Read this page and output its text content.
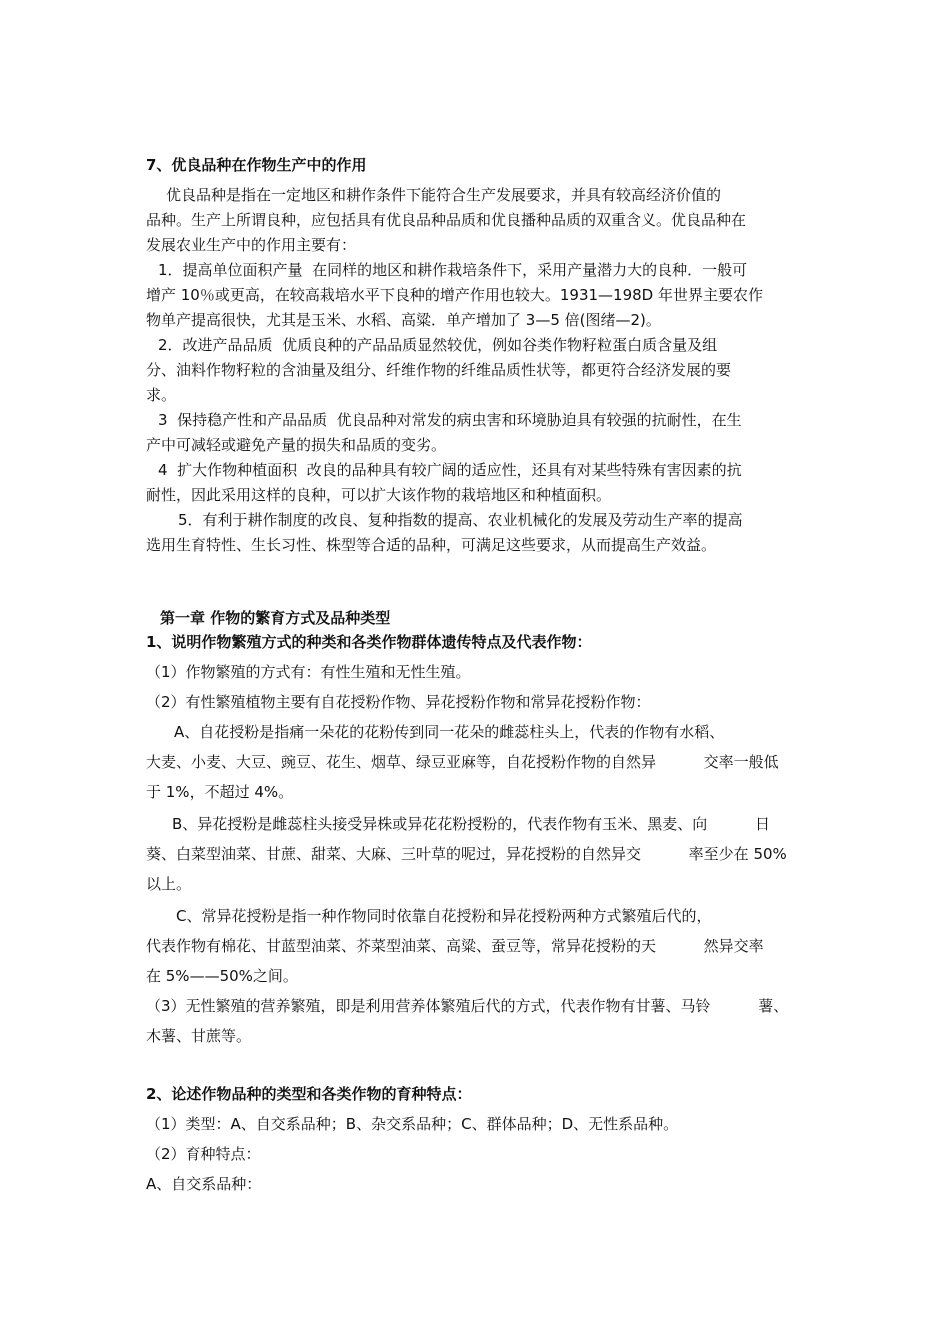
7、优良品种在作物生产中的作用
优良品种是指在一定地区和耕作条件下能符合生产发展要求，并具有较高经济价值的
品种。生产上所谓良种，应包括具有优良品种品质和优良播种品质的双重含义。优良品种在
发展农业生产中的作用主要有：
1．提高单位面积产量  在同样的地区和耕作栽培条件下，采用产量潜力大的良种．一般可
增产 10％或更高，在较高栽培水平下良种的增产作用也较大。1931—198D 年世界主要农作
物单产提高很快，尤其是玉米、水稻、高粱．单产增加了 3—5 倍(图绪—2)。
2．改进产品品质  优质良种的产品品质显然较优，例如谷类作物籽粒蛋白质含量及组
分、油料作物籽粒的含油量及组分、纤维作物的纤维品质性状等，都更符合经济发展的要
求。
3  保持稳产性和产品品质  优良品种对常发的病虫害和环境胁迫具有较强的抗耐性，在生
产中可减轻或避免产量的损失和品质的变劣。
4  扩大作物种植面积  改良的品种具有较广阔的适应性，还具有对某些特殊有害因素的抗
耐性，因此采用这样的良种，可以扩大该作物的栽培地区和种植面积。
5．有利于耕作制度的改良、复种指数的提高、农业机械化的发展及劳动生产率的提高
选用生育特性、生长习性、株型等合适的品种，可满足这些要求，从而提高生产效益。
第一章 作物的繁育方式及品种类型
1、说明作物繁殖方式的种类和各类作物群体遗传特点及代表作物：
（1）作物繁殖的方式有：有性生殖和无性生殖。
（2）有性繁殖植物主要有自花授粉作物、异花授粉作物和常异花授粉作物：
A、自花授粉是指痛一朵花的花粉传到同一花朵的雌蕊柱头上，代表的作物有水稻、
大麦、小麦、大豆、豌豆、花生、烟草、绿豆亚麻等，自花授粉作物的自然异          交率一般低
于 1%，不超过 4%。
B、异花授粉是雌蕊柱头接受异株或异花花粉授粉的，代表作物有玉米、黑麦、向          日
葵、白菜型油菜、甘蔗、甜菜、大麻、三叶草的呢过，异花授粉的自然异交          率至少在 50%
以上。
C、常异花授粉是指一种作物同时依靠自花授粉和异花授粉两种方式繁殖后代的，
代表作物有棉花、甘蓝型油菜、芥菜型油菜、高粱、蚕豆等，常异花授粉的天          然异交率
在 5%——50%之间。
（3）无性繁殖的营养繁殖，即是利用营养体繁殖后代的方式，代表作物有甘薯、马铃          薯、
木薯、甘蔗等。
2、论述作物品种的类型和各类作物的育种特点：
（1）类型：A、自交系品种；B、杂交系品种；C、群体品种；D、无性系品种。
（2）育种特点：
A、自交系品种：
